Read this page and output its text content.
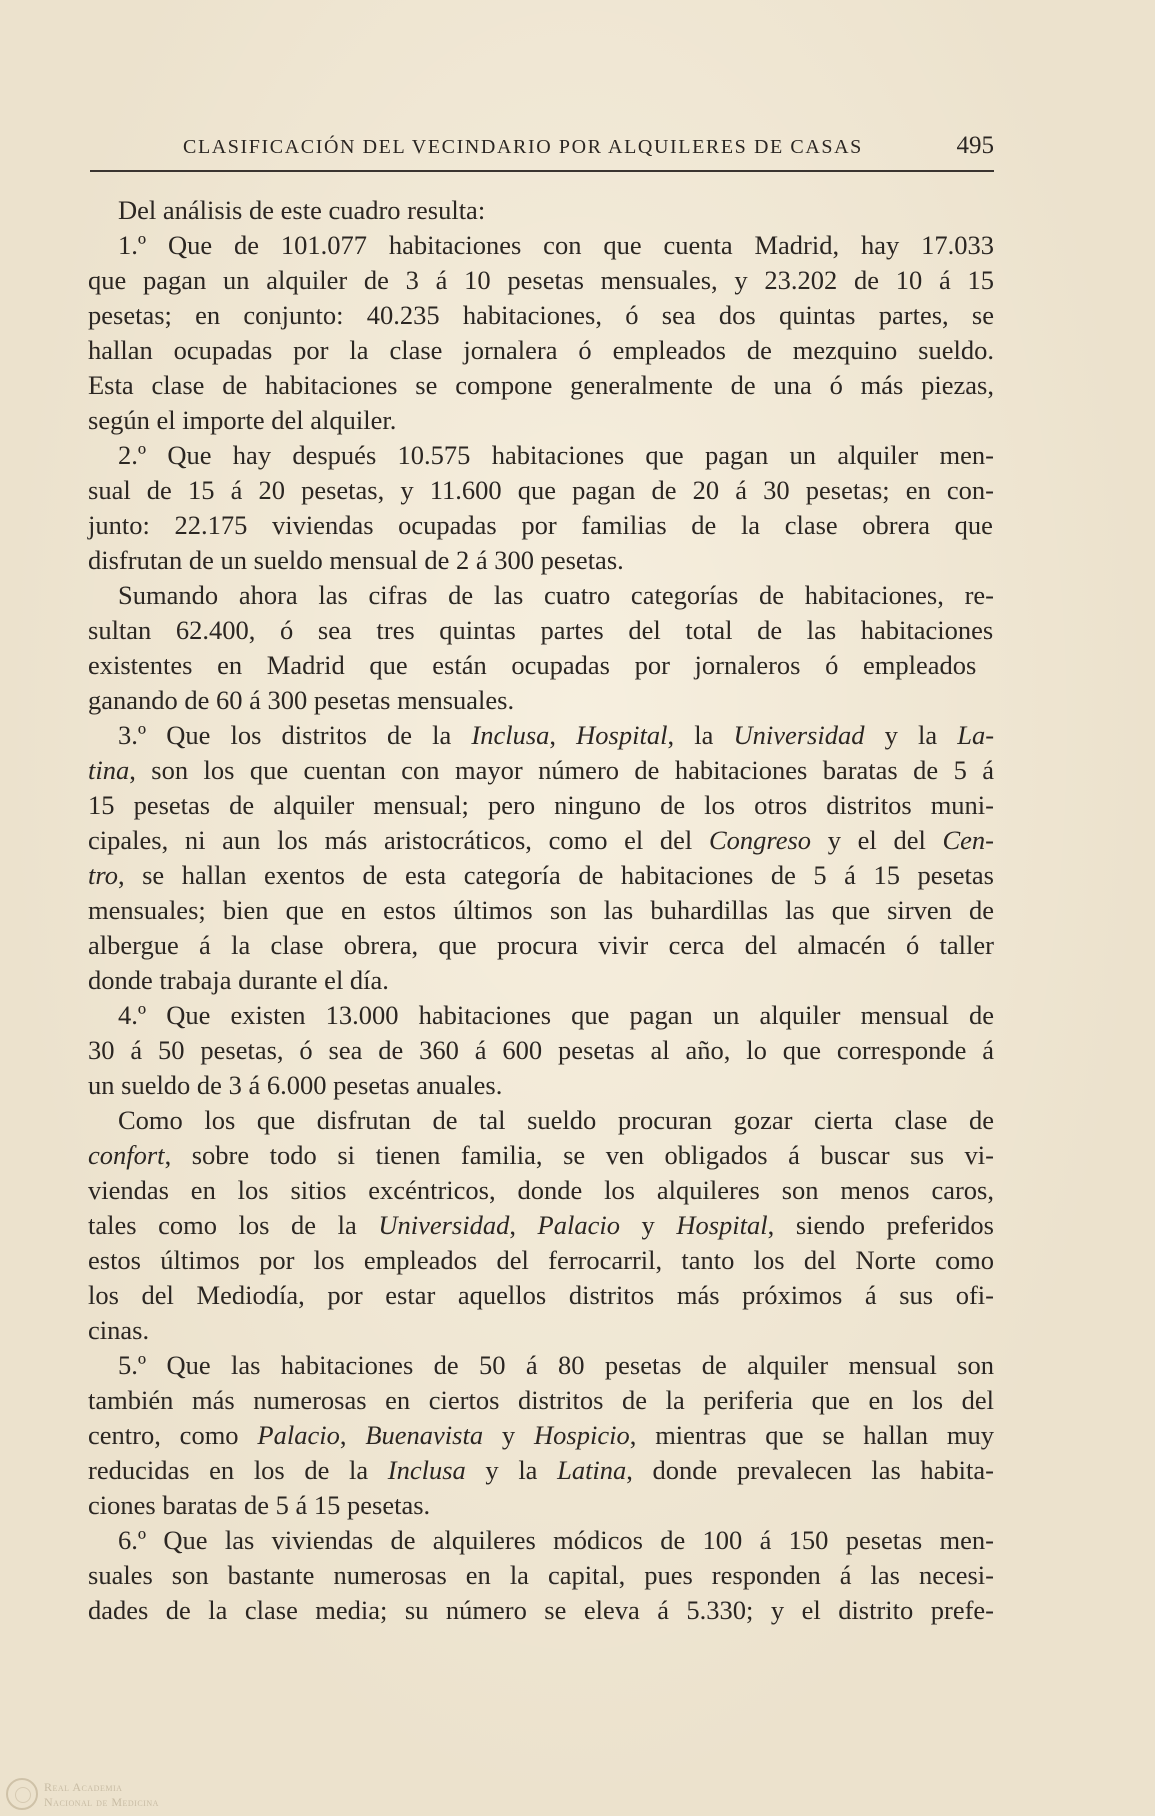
CLASIFICACIÓN DEL VECINDARIO POR ALQUILERES DE CASAS	495
Del análisis de este cuadro resulta:
1.º Que de 101.077 habitaciones con que cuenta Madrid, hay 17.033
que pagan un alquiler de 3 á 10 pesetas mensuales, y 23.202 de 10 á 15
pesetas; en conjunto: 40.235 habitaciones, ó sea dos quintas partes, se
hallan ocupadas por la clase jornalera ó empleados de mezquino sueldo.
Esta clase de habitaciones se compone generalmente de una ó más piezas,
según el importe del alquiler.
2.º Que hay después 10.575 habitaciones que pagan un alquiler men-
sual de 15 á 20 pesetas, y 11.600 que pagan de 20 á 30 pesetas; en con-
junto: 22.175 viviendas ocupadas por familias de la clase obrera que
disfrutan de un sueldo mensual de 2 á 300 pesetas.
Sumando ahora las cifras de las cuatro categorías de habitaciones, re-
sultan 62.400, ó sea tres quintas partes del total de las habitaciones
existentes en Madrid que están ocupadas por jornaleros ó empleados
ganando de 60 á 300 pesetas mensuales.
3.º Que los distritos de la Inclusa, Hospital, la Universidad y la La-
tina, son los que cuentan con mayor número de habitaciones baratas de 5 á
15 pesetas de alquiler mensual; pero ninguno de los otros distritos muni-
cipales, ni aun los más aristocráticos, como el del Congreso y el del Cen-
tro, se hallan exentos de esta categoría de habitaciones de 5 á 15 pesetas
mensuales; bien que en estos últimos son las buhardillas las que sirven de
albergue á la clase obrera, que procura vivir cerca del almacén ó taller
donde trabaja durante el día.
4.º Que existen 13.000 habitaciones que pagan un alquiler mensual de
30 á 50 pesetas, ó sea de 360 á 600 pesetas al año, lo que corresponde á
un sueldo de 3 á 6.000 pesetas anuales.
Como los que disfrutan de tal sueldo procuran gozar cierta clase de
confort, sobre todo si tienen familia, se ven obligados á buscar sus vi-
viendas en los sitios excéntricos, donde los alquileres son menos caros,
tales como los de la Universidad, Palacio y Hospital, siendo preferidos
estos últimos por los empleados del ferrocarril, tanto los del Norte como
los del Mediodía, por estar aquellos distritos más próximos á sus ofi-
cinas.
5.º Que las habitaciones de 50 á 80 pesetas de alquiler mensual son
también más numerosas en ciertos distritos de la periferia que en los del
centro, como Palacio, Buenavista y Hospicio, mientras que se hallan muy
reducidas en los de la Inclusa y la Latina, donde prevalecen las habita-
ciones baratas de 5 á 15 pesetas.
6.º Que las viviendas de alquileres módicos de 100 á 150 pesetas men-
suales son bastante numerosas en la capital, pues responden á las necesi-
dades de la clase media; su número se eleva á 5.330; y el distrito prefe-
Real Academia
Nacional de Medicina
